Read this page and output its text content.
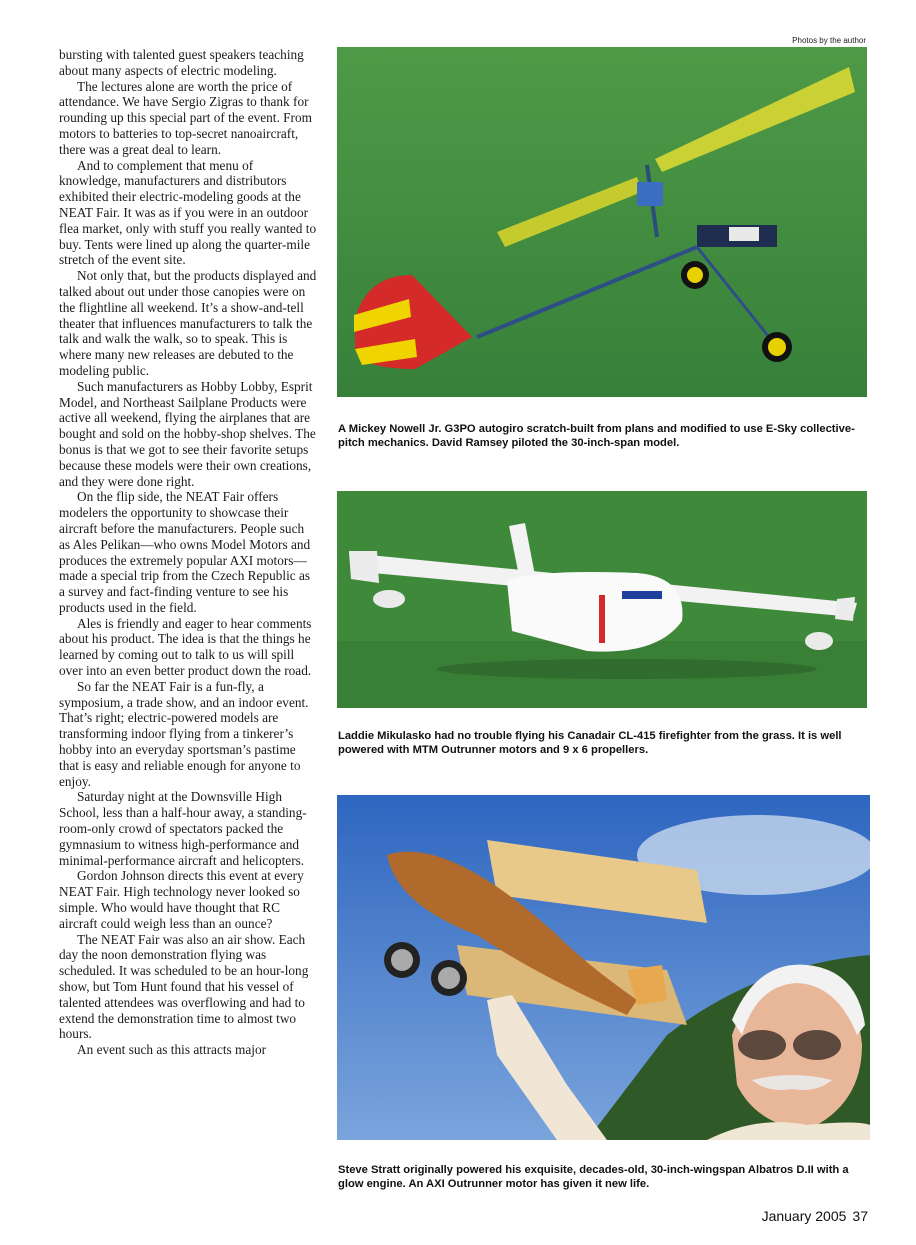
bursting with talented guest speakers teaching about many aspects of electric modeling.

The lectures alone are worth the price of attendance. We have Sergio Zigras to thank for rounding up this special part of the event. From motors to batteries to top-secret nanoaircraft, there was a great deal to learn.

And to complement that menu of knowledge, manufacturers and distributors exhibited their electric-modeling goods at the NEAT Fair. It was as if you were in an outdoor flea market, only with stuff you really wanted to buy. Tents were lined up along the quarter-mile stretch of the event site.

Not only that, but the products displayed and talked about out under those canopies were on the flightline all weekend. It’s a show-and-tell theater that influences manufacturers to talk the talk and walk the walk, so to speak. This is where many new releases are debuted to the modeling public.

Such manufacturers as Hobby Lobby, Esprit Model, and Northeast Sailplane Products were active all weekend, flying the airplanes that are bought and sold on the hobby-shop shelves. The bonus is that we got to see their favorite setups because these models were their own creations, and they were done right.

On the flip side, the NEAT Fair offers modelers the opportunity to showcase their aircraft before the manufacturers. People such as Ales Pelikan—who owns Model Motors and produces the extremely popular AXI motors—made a special trip from the Czech Republic as a survey and fact-finding venture to see his products used in the field.

Ales is friendly and eager to hear comments about his product. The idea is that the things he learned by coming out to talk to us will spill over into an even better product down the road.

So far the NEAT Fair is a fun-fly, a symposium, a trade show, and an indoor event. That’s right; electric-powered models are transforming indoor flying from a tinkerer’s hobby into an everyday sportsman’s pastime that is easy and reliable enough for anyone to enjoy.

Saturday night at the Downsville High School, less than a half-hour away, a standing-room-only crowd of spectators packed the gymnasium to witness high-performance and minimal-performance aircraft and helicopters.

Gordon Johnson directs this event at every NEAT Fair. High technology never looked so simple. Who would have thought that RC aircraft could weigh less than an ounce?

The NEAT Fair was also an air show. Each day the noon demonstration flying was scheduled. It was scheduled to be an hour-long show, but Tom Hunt found that his vessel of talented attendees was overflowing and had to extend the demonstration time to almost two hours.

An event such as this attracts major

Photos by the author
A Mickey Nowell Jr. G3PO autogiro scratch-built from plans and modified to use E-Sky collective-pitch mechanics. David Ramsey piloted the 30-inch-span model.
Laddie Mikulasko had no trouble flying his Canadair CL-415 firefighter from the grass. It is well powered with MTM Outrunner motors and 9 x 6 propellers.
Steve Stratt originally powered his exquisite, decades-old, 30-inch-wingspan Albatros D.II with a glow engine. An AXI Outrunner motor has given it new life.
January 2005 37
